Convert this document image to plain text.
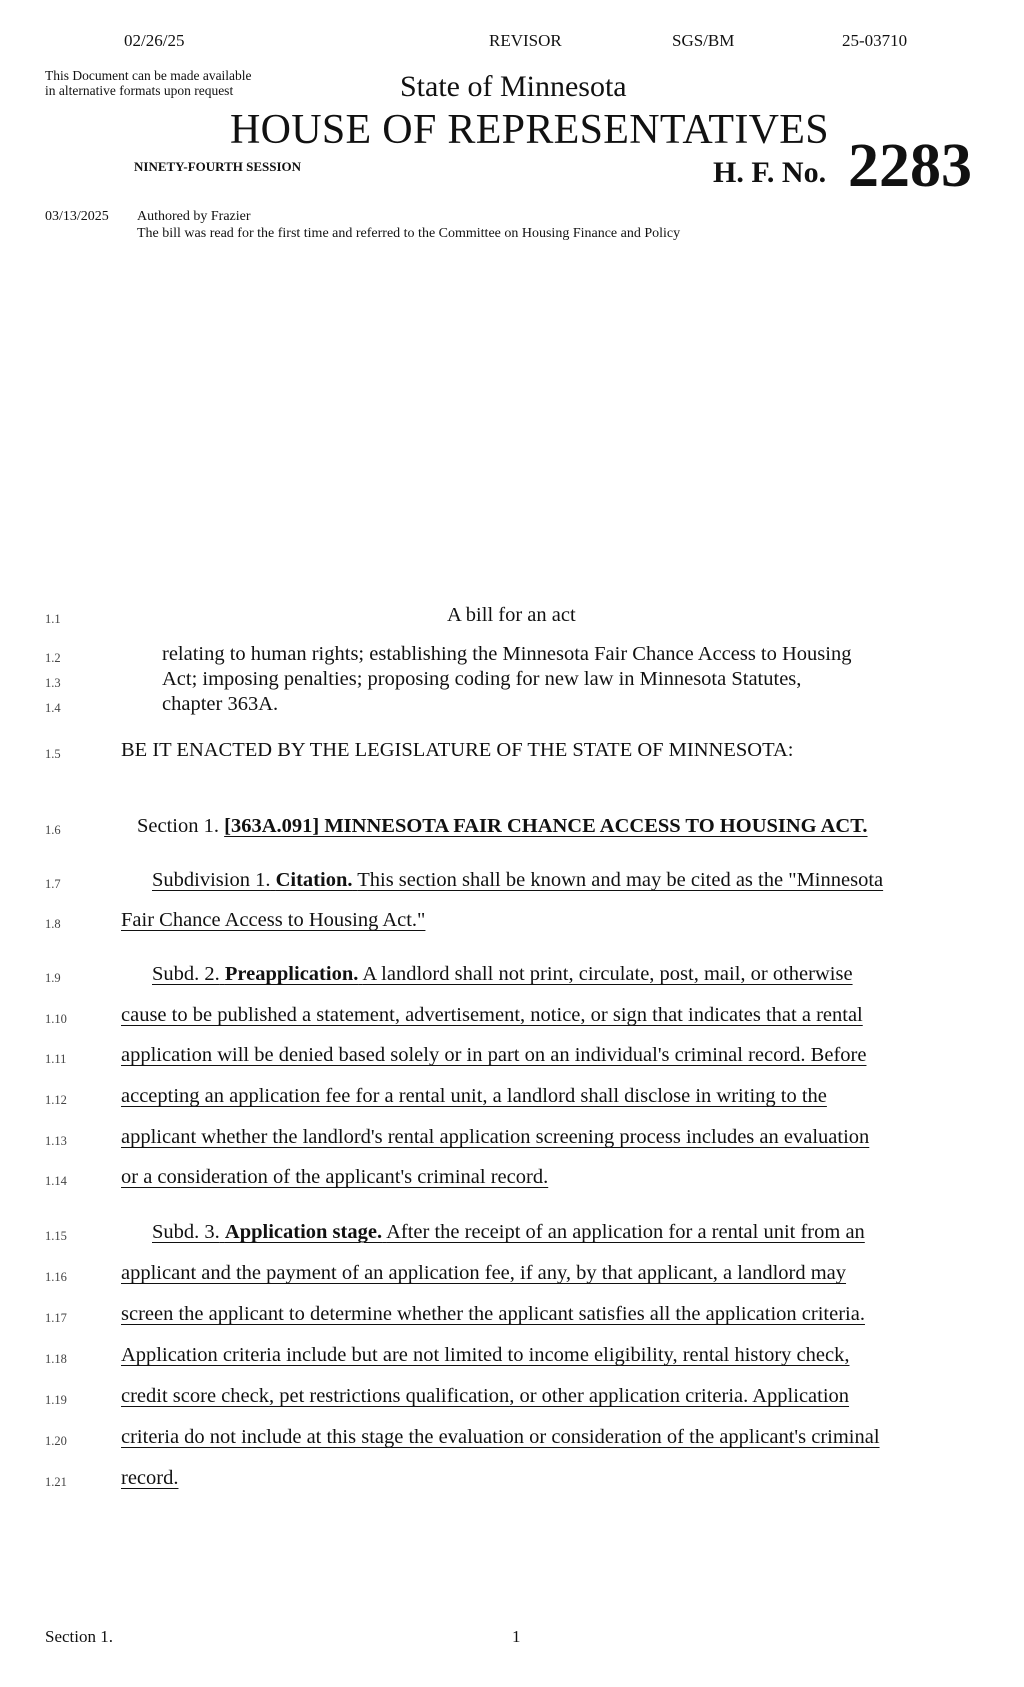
02/26/25	REVISOR	SGS/BM	25-03710
This Document can be made available
in alternative formats upon request	State of Minnesota
HOUSE OF REPRESENTATIVES
NINETY-FOURTH SESSION	H. F. No. 2283
03/13/2025 Authored by Frazier
The bill was read for the first time and referred to the Committee on Housing Finance and Policy
1.1	A bill for an act
1.2	relating to human rights; establishing the Minnesota Fair Chance Access to Housing
1.3	Act; imposing penalties; proposing coding for new law in Minnesota Statutes,
1.4	chapter 363A.
1.5	BE IT ENACTED BY THE LEGISLATURE OF THE STATE OF MINNESOTA:
1.6	Section 1. [363A.091] MINNESOTA FAIR CHANCE ACCESS TO HOUSING ACT.
1.7	Subdivision 1. Citation. This section shall be known and may be cited as the "Minnesota
1.8	Fair Chance Access to Housing Act."
1.9	Subd. 2. Preapplication. A landlord shall not print, circulate, post, mail, or otherwise
1.10	cause to be published a statement, advertisement, notice, or sign that indicates that a rental
1.11	application will be denied based solely or in part on an individual's criminal record. Before
1.12	accepting an application fee for a rental unit, a landlord shall disclose in writing to the
1.13	applicant whether the landlord's rental application screening process includes an evaluation
1.14	or a consideration of the applicant's criminal record.
1.15	Subd. 3. Application stage. After the receipt of an application for a rental unit from an
1.16	applicant and the payment of an application fee, if any, by that applicant, a landlord may
1.17	screen the applicant to determine whether the applicant satisfies all the application criteria.
1.18	Application criteria include but are not limited to income eligibility, rental history check,
1.19	credit score check, pet restrictions qualification, or other application criteria. Application
1.20	criteria do not include at this stage the evaluation or consideration of the applicant's criminal
1.21	record.
Section 1.	1
